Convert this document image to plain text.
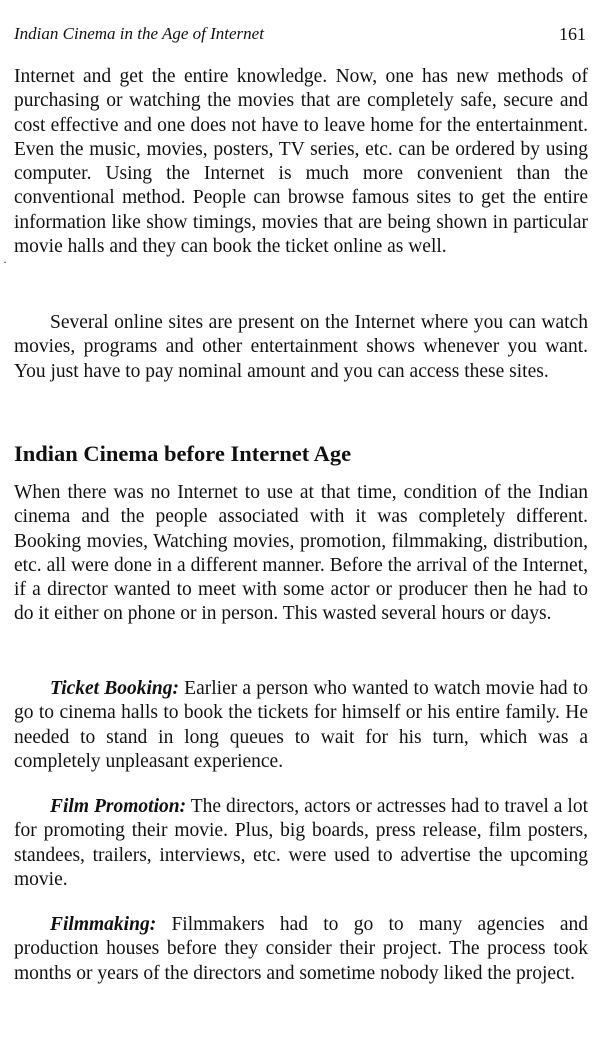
Indian Cinema in the Age of Internet	161
·

Internet and get the entire knowledge. Now, one has new methods of purchasing or watching the movies that are completely safe, secure and cost effective and one does not have to leave home for the entertainment. Even the music, movies, posters, TV series, etc. can be ordered by using computer. Using the Internet is much more convenient than the conventional method. People can browse famous sites to get the entire information like show timings, movies that are being shown in particular movie halls and they can book the ticket online as well.

Several online sites are present on the Internet where you can watch movies, programs and other entertainment shows whenever you want. You just have to pay nominal amount and you can access these sites.

Indian Cinema before Internet Age

When there was no Internet to use at that time, condition of the Indian cinema and the people associated with it was completely different. Booking movies, Watching movies, promotion, filmmaking, distribution, etc. all were done in a different manner. Before the arrival of the Internet, if a director wanted to meet with some actor or producer then he had to do it either on phone or in person. This wasted several hours or days.

Ticket Booking: Earlier a person who wanted to watch movie had to go to cinema halls to book the tickets for himself or his entire family. He needed to stand in long queues to wait for his turn, which was a completely unpleasant experience.

Film Promotion: The directors, actors or actresses had to travel a lot for promoting their movie. Plus, big boards, press release, film posters, standees, trailers, interviews, etc. were used to advertise the upcoming movie.

Filmmaking: Filmmakers had to go to many agencies and production houses before they consider their project. The process took months or years of the directors and sometime nobody liked the project.
